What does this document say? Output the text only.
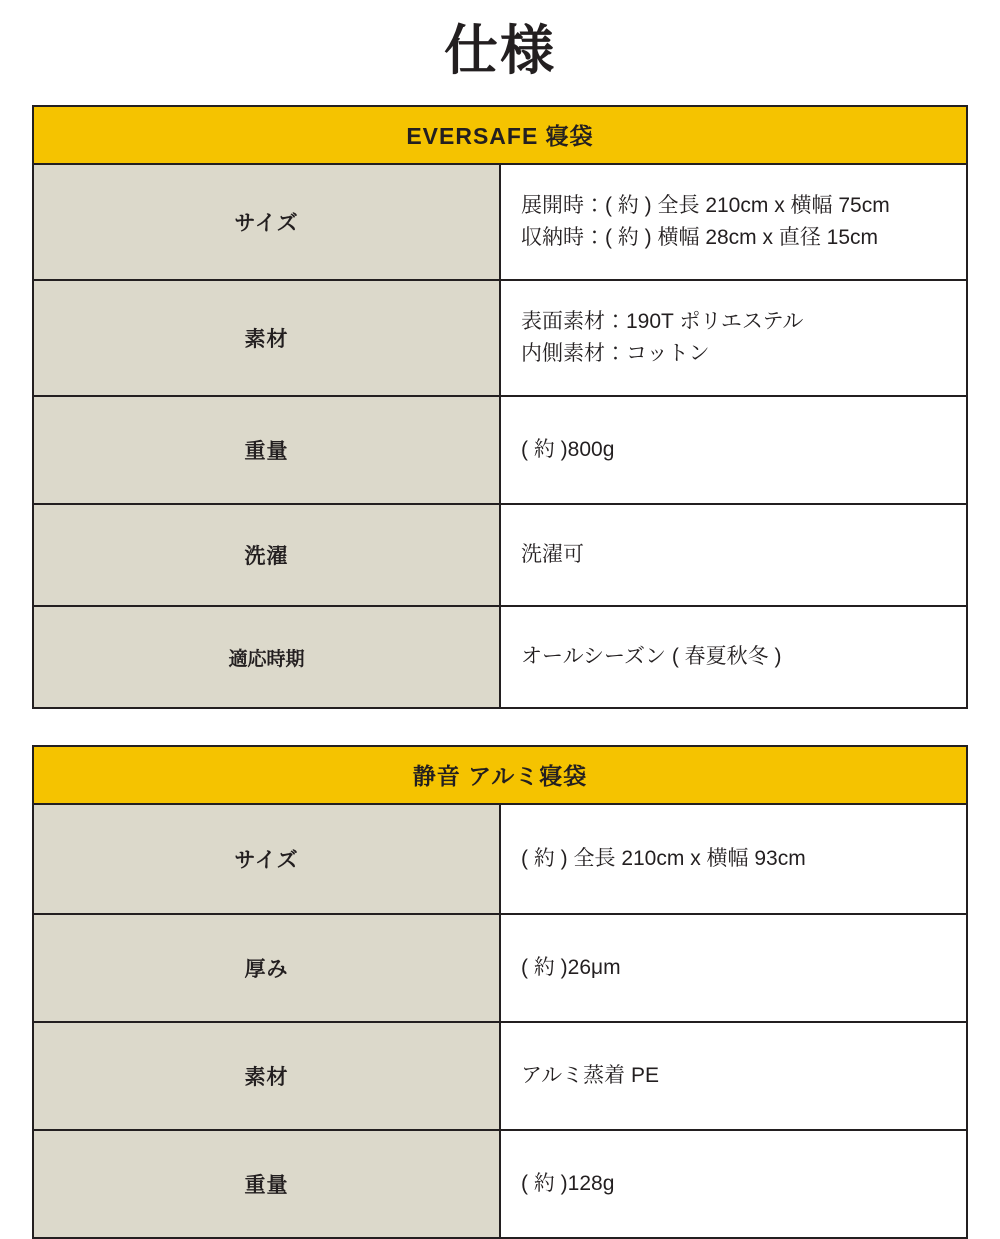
仕様
EVERSAFE 寝袋	
サイズ	展開時：( 約 ) 全長 210cm x 横幅 75cm
収納時：( 約 ) 横幅 28cm x 直径 15cm

素材	表面素材：190T ポリエステル
内側素材：コットン

重量	( 約 )800g

洗濯	洗濯可

適応時期	オールシーズン ( 春夏秋冬 )
静音 アルミ寝袋	
サイズ	( 約 ) 全長 210cm x 横幅 93cm

厚み	( 約 )26μm

素材	アルミ蒸着 PE

重量	( 約 )128g
